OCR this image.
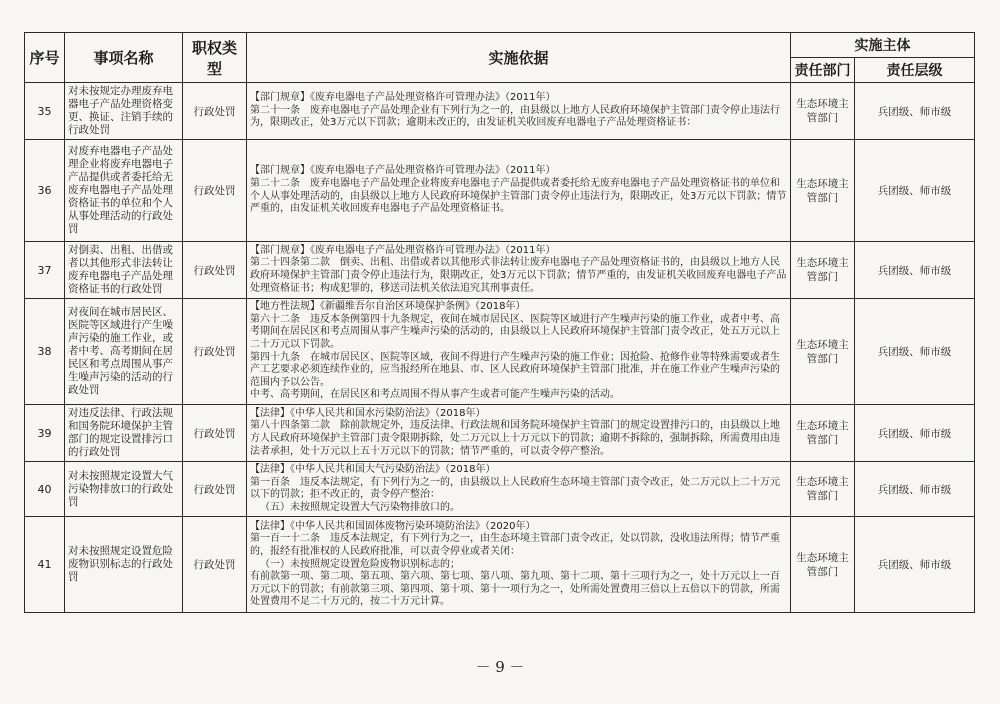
序号	事项名称	职权类型	实施依据	实施主体	
				责任部门	责任层级
35	对未按规定办理废弃电器电子产品处理资格变更、换证、注销手续的行政处罚	行政处罚	【部门规章】《废弃电器电子产品处理资格许可管理办法》（2011年）
第二十一条　废弃电器电子产品处理企业有下列行为之一的，由县级以上地方人民政府环境保护主管部门责令停止违法行为，限期改正，处3万元以下罚款；逾期未改正的，由发证机关收回废弃电器电子产品处理资格证书：	生态环境主管部门	兵团级、师市级
36	对废弃电器电子产品处理企业将废弃电器电子产品提供或者委托给无废弃电器电子产品处理资格证书的单位和个人从事处理活动的行政处罚	行政处罚	【部门规章】《废弃电器电子产品处理资格许可管理办法》（2011年）
第二十二条　废弃电器电子产品处理企业将废弃电器电子产品提供或者委托给无废弃电器电子产品处理资格证书的单位和个人从事处理活动的，由县级以上地方人民政府环境保护主管部门责令停止违法行为，限期改正，处3万元以下罚款；情节严重的，由发证机关收回废弃电器电子产品处理资格证书。	生态环境主管部门	兵团级、师市级
37	对倒卖、出租、出借或者以其他形式非法转让废弃电器电子产品处理资格证书的行政处罚	行政处罚	【部门规章】《废弃电器电子产品处理资格许可管理办法》（2011年）
第二十四条第二款　倒卖、出租、出借或者以其他形式非法转让废弃电器电子产品处理资格证书的，由县级以上地方人民政府环境保护主管部门责令停止违法行为，限期改正，处3万元以下罚款；情节严重的，由发证机关收回废弃电器电子产品处理资格证书；构成犯罪的，移送司法机关依法追究其刑事责任。	生态环境主管部门	兵团级、师市级
38	对夜间在城市居民区、医院等区域进行产生噪声污染的施工作业，或者中考、高考期间在居民区和考点周围从事产生噪声污染的活动的行政处罚	行政处罚	【地方性法规】《新疆维吾尔自治区环境保护条例》（2018年）
第六十二条　违反本条例第四十九条规定，夜间在城市居民区、医院等区域进行产生噪声污染的施工作业，或者中考、高考期间在居民区和考点周围从事产生噪声污染的活动的，由县级以上人民政府环境保护主管部门责令改正，处五万元以上二十万元以下罚款。
第四十九条　在城市居民区、医院等区域，夜间不得进行产生噪声污染的施工作业；因抢险、抢修作业等特殊需要或者生产工艺要求必须连续作业的，应当报经所在地县、市、区人民政府环境保护主管部门批准，并在施工作业产生噪声污染的范围内予以公告。
中考、高考期间，在居民区和考点周围不得从事产生或者可能产生噪声污染的活动。	生态环境主管部门	兵团级、师市级
39	对违反法律、行政法规和国务院环境保护主管部门的规定设置排污口的行政处罚	行政处罚	【法律】《中华人民共和国水污染防治法》（2018年）
第八十四条第二款　除前款规定外，违反法律、行政法规和国务院环境保护主管部门的规定设置排污口的，由县级以上地方人民政府环境保护主管部门责令限期拆除，处二万元以上十万元以下的罚款；逾期不拆除的，强制拆除，所需费用由违法者承担，处十万元以上五十万元以下的罚款；情节严重的，可以责令停产整治。	生态环境主管部门	兵团级、师市级
40	对未按照规定设置大气污染物排放口的行政处罚	行政处罚	【法律】《中华人民共和国大气污染防治法》（2018年）
第一百条　违反本法规定，有下列行为之一的，由县级以上人民政府生态环境主管部门责令改正，处二万元以上二十万元以下的罚款；拒不改正的，责令停产整治：
（五）未按照规定设置大气污染物排放口的。	生态环境主管部门	兵团级、师市级
41	对未按照规定设置危险废物识别标志的行政处罚	行政处罚	【法律】《中华人民共和国固体废物污染环境防治法》（2020年）
第一百一十二条　违反本法规定，有下列行为之一，由生态环境主管部门责令改正，处以罚款，没收违法所得；情节严重的，报经有批准权的人民政府批准，可以责令停业或者关闭：
（一）未按照规定设置危险废物识别标志的；
有前款第一项、第二项、第五项、第六项、第七项、第八项、第九项、第十二项、第十三项行为之一，处十万元以上一百万元以下的罚款；有前款第三项、第四项、第十项、第十一项行为之一，处所需处置费用三倍以上五倍以下的罚款，所需处置费用不足二十万元的，按二十万元计算。	生态环境主管部门	兵团级、师市级
－ 9 －
